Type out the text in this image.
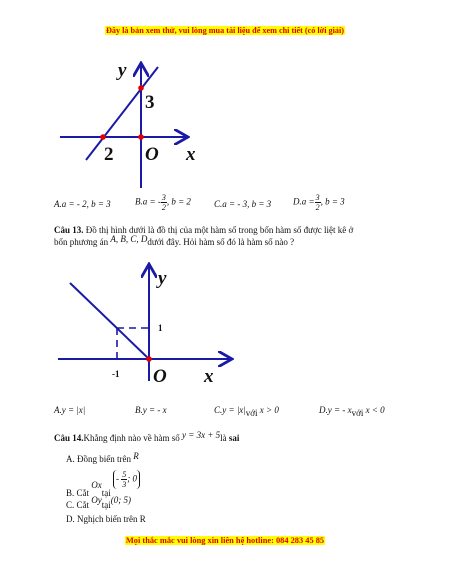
Đây là bản xem thử, vui lòng mua tài liệu để xem chi tiết (có lời giải)
y
3
2 O x
A.a = - 2, b = 3	B.a = - $\frac{3}{2}$ , b = 2	C.a = - 3, b = 3 $D.a = \frac{3}{2}$ , b = 3
Câu 13. Đồ thị hình dưới là đồ thị của một hàm số trong bốn hàm số được liệt kê ở
bốn phương án A, B, C, Ddưới đây. Hỏi hàm số đó là hàm số nào ?
y
1
-1 O x
A.y = |x|	B.y = - x	C.y = |x|với x > 0	D.y = - xvới x < 0
Câu 14.Khẳng định nào về hàm số y = 3x + 5là sai
A. Đồng biến trên R
B. Cắt Oxtại - $\frac{5}{3}$ ; 0
C. Cắt Oytại(0; 5)
D. Nghịch biến trên R
Mọi thắc mắc vui lòng xin liên hệ hotline: 084 283 45 85
